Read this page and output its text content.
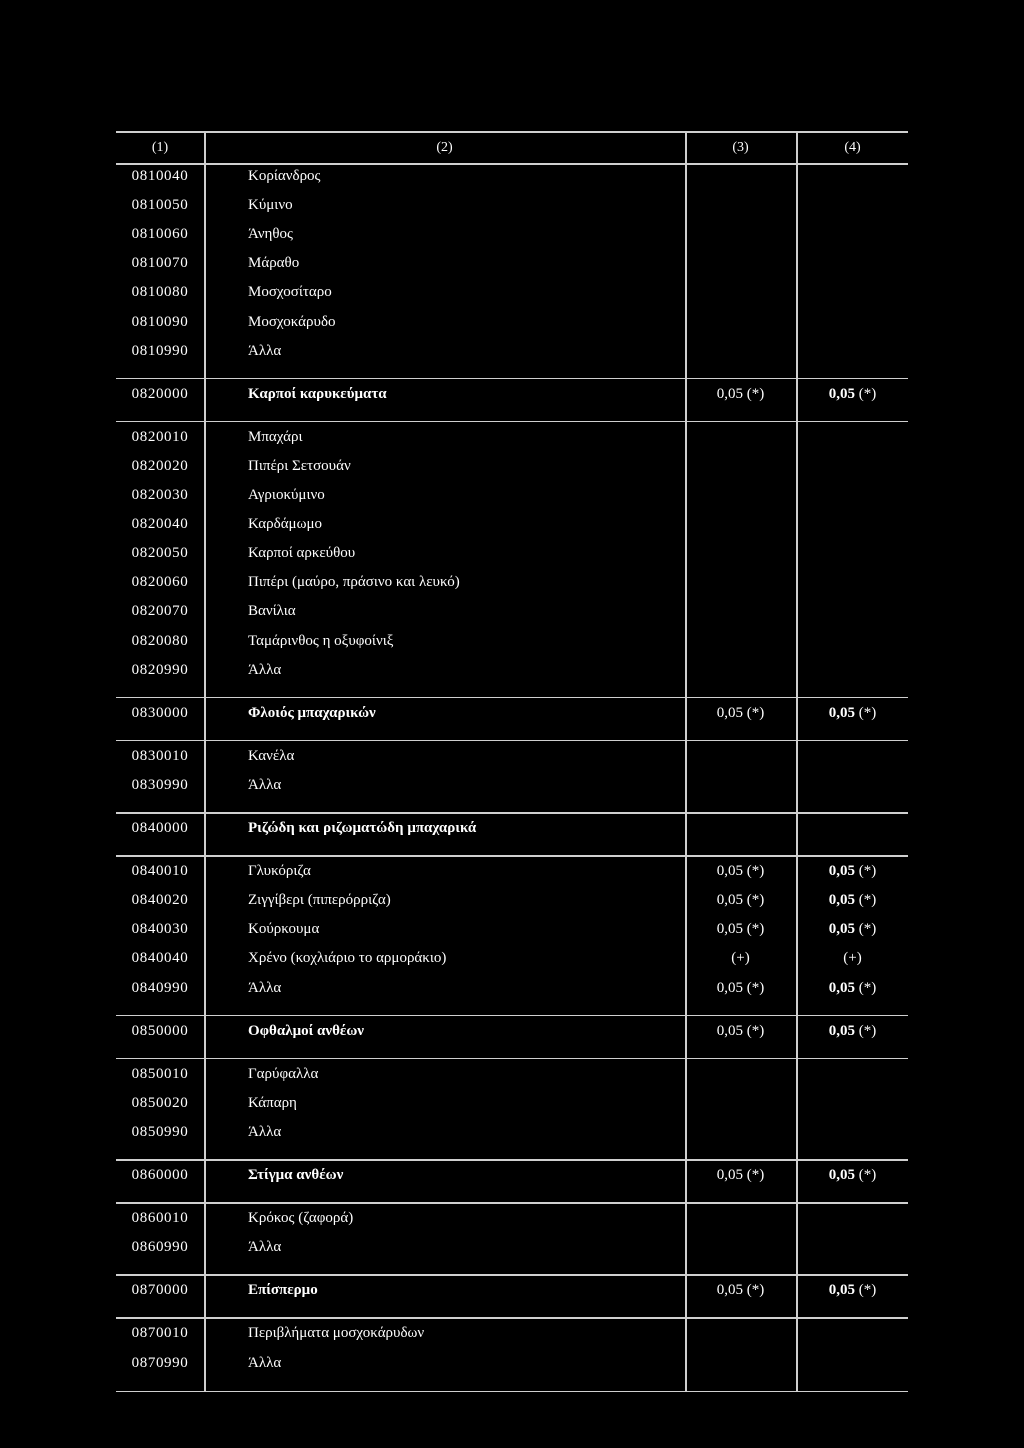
(1)	(2)	(3)	(4)
0810040	Κορίανδρος
0810050	Κύμινο
0810060	Άνηθος
0810070	Μάραθο
0810080	Μοσχοσίταρο
0810090	Μοσχοκάρυδο
0810990	Άλλα
0820000	Καρποί καρυκεύματα	0,05 (*)	0,05 (*)
0820010	Μπαχάρι
0820020	Πιπέρι Σετσουάν
0820030	Αγριοκύμινο
0820040	Καρδάμωμο
0820050	Καρποί αρκεύθου
0820060	Πιπέρι (μαύρο, πράσινο και λευκό)
0820070	Βανίλια
0820080	Ταμάρινθος η οξυφοίνιξ
0820990	Άλλα
0830000	Φλοιός μπαχαρικών	0,05 (*)	0,05 (*)
0830010	Κανέλα
0830990	Άλλα
0840000	Ριζώδη και ριζωματώδη μπαχαρικά
0840010	Γλυκόριζα	0,05 (*)	0,05 (*)
0840020	Ζιγγίβερι (πιπερόρριζα)	0,05 (*)	0,05 (*)
0840030	Κούρκουμα	0,05 (*)	0,05 (*)
0840040	Χρένο (κοχλιάριο το αρμοράκιο)	(+)	(+)
0840990	Άλλα	0,05 (*)	0,05 (*)
0850000	Οφθαλμοί ανθέων	0,05 (*)	0,05 (*)
0850010	Γαρύφαλλα
0850020	Κάπαρη
0850990	Άλλα
0860000	Στίγμα ανθέων	0,05 (*)	0,05 (*)
0860010	Κρόκος (ζαφορά)
0860990	Άλλα
0870000	Επίσπερμο	0,05 (*)	0,05 (*)
0870010	Περιβλήματα μοσχοκάρυδων
0870990	Άλλα
